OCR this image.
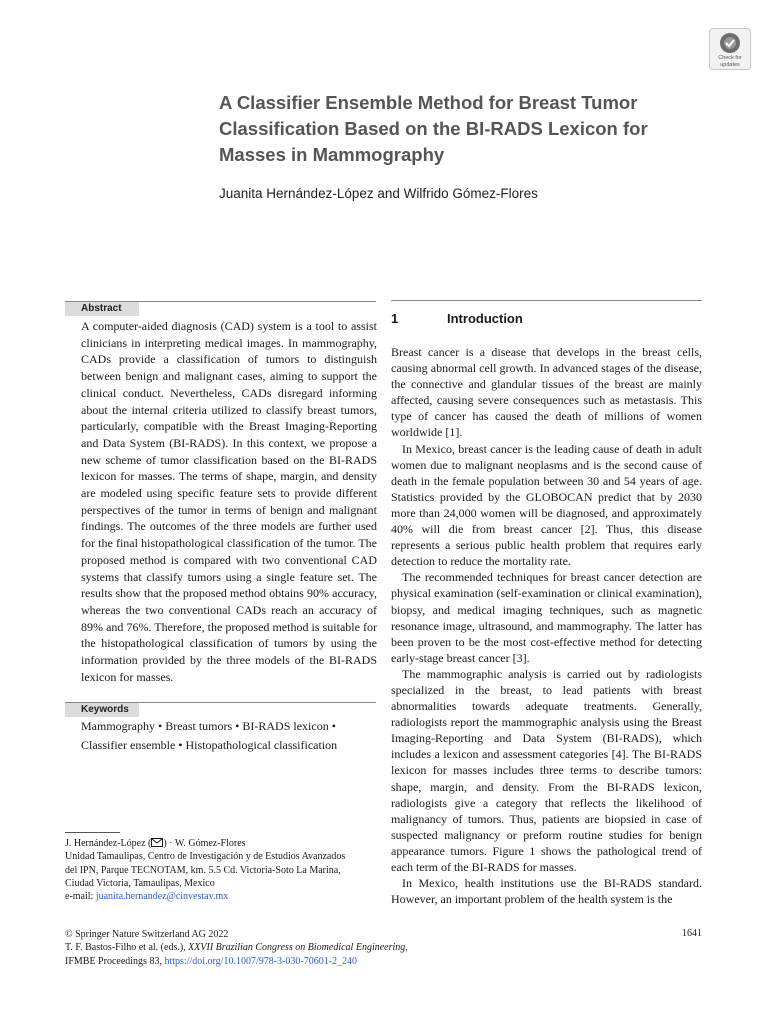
Check for
updates
A Classifier Ensemble Method for Breast Tumor Classification Based on the BI-RADS Lexicon for Masses in Mammography
Juanita Hernández-López and Wilfrido Gómez-Flores
Abstract

A computer-aided diagnosis (CAD) system is a tool to assist clinicians in interpreting medical images. In mammography, CADs provide a classification of tumors to distinguish between benign and malignant cases, aiming to support the clinical conduct. Nevertheless, CADs disregard informing about the internal criteria utilized to classify breast tumors, particularly, compatible with the Breast Imaging-Reporting and Data System (BI-RADS). In this context, we propose a new scheme of tumor classification based on the BI-RADS lexicon for masses. The terms of shape, margin, and density are modeled using specific feature sets to provide different perspectives of the tumor in terms of benign and malignant findings. The outcomes of the three models are further used for the final histopathological classification of the tumor. The proposed method is compared with two conventional CAD systems that classify tumors using a single feature set. The results show that the proposed method obtains 90% accuracy, whereas the two conventional CADs reach an accuracy of 89% and 76%. Therefore, the proposed method is suitable for the histopathological classification of tumors by using the information provided by the three models of the BI-RADS lexicon for masses.

Keywords

Mammography • Breast tumors • BI-RADS lexicon • Classifier ensemble • Histopathological classification

J. Hernández-López ( ) · W. Gómez-Flores
Unidad Tamaulipas, Centro de Investigación y de Estudios Avanzados
del IPN, Parque TECNOTAM, km. 5.5 Cd. Victoria-Soto La Marina,
Ciudad Victoria, Tamaulipas, Mexico
e-mail: juanita.hernandez@cinvestav.mx
1	Introduction

Breast cancer is a disease that develops in the breast cells, causing abnormal cell growth. In advanced stages of the disease, the connective and glandular tissues of the breast are mainly affected, causing severe consequences such as metastasis. This type of cancer has caused the death of millions of women worldwide [1].

In Mexico, breast cancer is the leading cause of death in adult women due to malignant neoplasms and is the second cause of death in the female population between 30 and 54 years of age. Statistics provided by the GLOBOCAN predict that by 2030 more than 24,000 women will be diagnosed, and approximately 40% will die from breast cancer [2]. Thus, this disease represents a serious public health problem that requires early detection to reduce the mortality rate.

The recommended techniques for breast cancer detection are physical examination (self-examination or clinical examination), biopsy, and medical imaging techniques, such as magnetic resonance image, ultrasound, and mammography. The latter has been proven to be the most cost-effective method for detecting early-stage breast cancer [3].

The mammographic analysis is carried out by radiologists specialized in the breast, to lead patients with breast abnormalities towards adequate treatments. Generally, radiologists report the mammographic analysis using the Breast Imaging-Reporting and Data System (BI-RADS), which includes a lexicon and assessment categories [4]. The BI-RADS lexicon for masses includes three terms to describe tumors: shape, margin, and density. From the BI-RADS lexicon, radiologists give a category that reflects the likelihood of malignancy of tumors. Thus, patients are biopsied in case of suspected malignancy or preform routine studies for benign appearance tumors. Figure 1 shows the pathological trend of each term of the BI-RADS for masses.

In Mexico, health institutions use the BI-RADS standard. However, an important problem of the health system is the

© Springer Nature Switzerland AG 2022
T. F. Bastos-Filho et al. (eds.), XXVII Brazilian Congress on Biomedical Engineering,
IFMBE Proceedings 83, https://doi.org/10.1007/978-3-030-70601-2_240
1641
